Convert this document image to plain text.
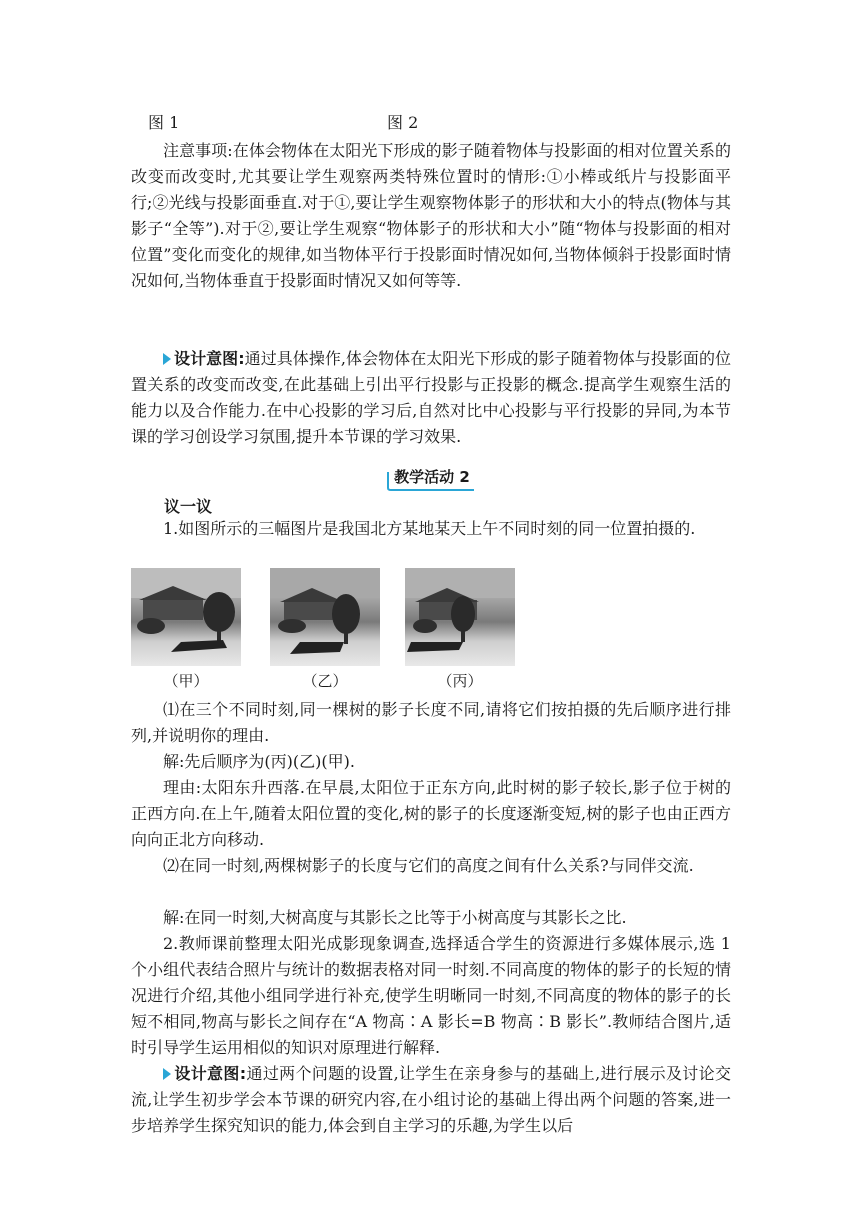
图 1	图 2

注意事项:在体会物体在太阳光下形成的影子随着物体与投影面的相对位置关系的改变而改变时,尤其要让学生观察两类特殊位置时的情形:①小棒或纸片与投影面平行;②光线与投影面垂直.对于①,要让学生观察物体影子的形状和大小的特点(物体与其影子“全等”).对于②,要让学生观察“物体影子的形状和大小”随“物体与投影面的相对位置”变化而变化的规律,如当物体平行于投影面时情况如何,当物体倾斜于投影面时情况如何,当物体垂直于投影面时情况又如何等等.

设计意图:通过具体操作,体会物体在太阳光下形成的影子随着物体与投影面的位置关系的改变而改变,在此基础上引出平行投影与正投影的概念.提高学生观察生活的能力以及合作能力.在中心投影的学习后,自然对比中心投影与平行投影的异同,为本节课的学习创设学习氛围,提升本节课的学习效果.

教学活动 2
议一议

1.如图所示的三幅图片是我国北方某地某天上午不同时刻的同一位置拍摄的.

（甲）	（乙）	（丙）

⑴在三个不同时刻,同一棵树的影子长度不同,请将它们按拍摄的先后顺序进行排列,并说明你的理由.

解:先后顺序为(丙)(乙)(甲).

理由:太阳东升西落.在早晨,太阳位于正东方向,此时树的影子较长,影子位于树的正西方向.在上午,随着太阳位置的变化,树的影子的长度逐渐变短,树的影子也由正西方向向正北方向移动.

⑵在同一时刻,两棵树影子的长度与它们的高度之间有什么关系?与同伴交流.

解:在同一时刻,大树高度与其影长之比等于小树高度与其影长之比.

2.教师课前整理太阳光成影现象调查,选择适合学生的资源进行多媒体展示,选 1 个小组代表结合照片与统计的数据表格对同一时刻.不同高度的物体的影子的长短的情况进行介绍,其他小组同学进行补充,使学生明晰同一时刻,不同高度的物体的影子的长短不相同,物高与影长之间存在“A 物高∶A 影长=B 物高∶B 影长”.教师结合图片,适时引导学生运用相似的知识对原理进行解释.

设计意图:通过两个问题的设置,让学生在亲身参与的基础上,进行展示及讨论交流,让学生初步学会本节课的研究内容,在小组讨论的基础上得出两个问题的答案,进一步培养学生探究知识的能力,体会到自主学习的乐趣,为学生以后
